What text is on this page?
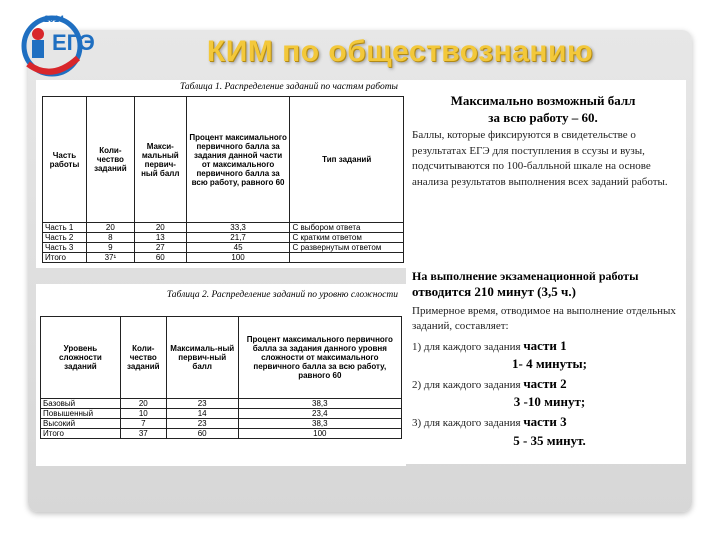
2014
ЕГЭ	КИМ по обществознанию
Таблица 1. Распределение заданий по частям работы
Часть работы	Коли-чество заданий	Макси-мальный первич-ный балл	Процент максимального первичного балла за задания данной части от максимального первичного балла за всю работу, равного 60	Тип заданий
Часть 1	20	20	33,3	С выбором ответа
Часть 2	8	13	21,7	С кратким ответом
Часть 3	9	27	45	С развернутым ответом
Итого	37¹	60	100	
Таблица 2. Распределение заданий по уровню сложности
Уровень сложности заданий	Коли-чество заданий	Максималь-ный первич-ный балл	Процент максимального первичного балла за задания данного уровня сложности от максимального первичного балла за всю работу, равного 60
Базовый	20	23	38,3
Повышенный	10	14	23,4
Высокий	7	23	38,3
Итого	37	60	100
Максимально возможный балл
за всю работу – 60.
Баллы, которые фиксируются в свидетельстве о результатах ЕГЭ для поступления в ссузы и вузы, подсчитываются по 100-балльной шкале на основе анализа результатов выполнения всех заданий работы.
На выполнение экзаменационной работы
отводится 210 минут (3,5 ч.)
Примерное время, отводимое на выполнение отдельных заданий, составляет:
1) для каждого задания части 1
1- 4 минуты;
2) для каждого задания части 2
3 -10 минут;
3) для каждого задания части 3
5 - 35 минут.
